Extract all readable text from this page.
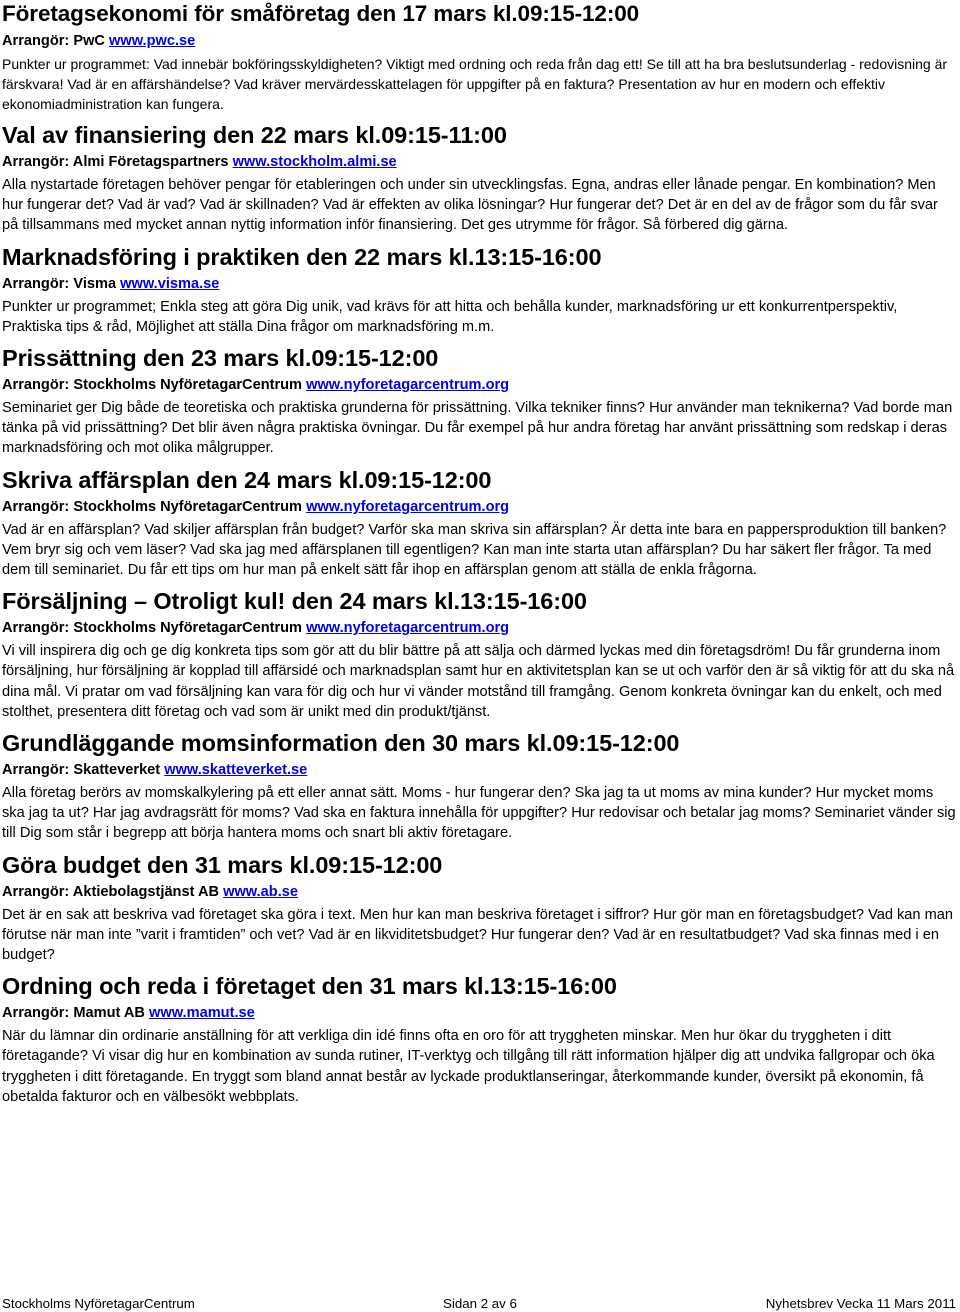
Företagsekonomi för småföretag den 17 mars kl.09:15-12:00
Arrangör: PwC www.pwc.se
Punkter ur programmet: Vad innebär bokföringsskyldigheten? Viktigt med ordning och reda från dag ett! Se till att ha bra beslutsunderlag - redovisning är färskvara! Vad är en affärshändelse? Vad kräver mervärdesskattelagen för uppgifter på en faktura? Presentation av hur en modern och effektiv ekonomiadministration kan fungera.
Val av finansiering den 22 mars kl.09:15-11:00
Arrangör: Almi Företagspartners www.stockholm.almi.se
Alla nystartade företagen behöver pengar för etableringen och under sin utvecklingsfas. Egna, andras eller lånade pengar. En kombination? Men hur fungerar det? Vad är vad? Vad är skillnaden? Vad är effekten av olika lösningar? Hur fungerar det? Det är en del av de frågor som du får svar på tillsammans med mycket annan nyttig information inför finansiering. Det ges utrymme för frågor. Så förbered dig gärna.
Marknadsföring i praktiken den 22 mars kl.13:15-16:00
Arrangör: Visma www.visma.se
Punkter ur programmet; Enkla steg att göra Dig unik, vad krävs för att hitta och behålla kunder, marknadsföring ur ett konkurrentperspektiv, Praktiska tips & råd, Möjlighet att ställa Dina frågor om marknadsföring m.m.
Prissättning den 23 mars kl.09:15-12:00
Arrangör: Stockholms NyföretagarCentrum www.nyforetagarcentrum.org
Seminariet ger Dig både de teoretiska och praktiska grunderna för prissättning. Vilka tekniker finns? Hur använder man teknikerna? Vad borde man tänka på vid prissättning? Det blir även några praktiska övningar. Du får exempel på hur andra företag har använt prissättning som redskap i deras marknadsföring och mot olika målgrupper.
Skriva affärsplan den 24 mars kl.09:15-12:00
Arrangör: Stockholms NyföretagarCentrum www.nyforetagarcentrum.org
Vad är en affärsplan? Vad skiljer affärsplan från budget? Varför ska man skriva sin affärsplan? Är detta inte bara en pappersproduktion till banken? Vem bryr sig och vem läser? Vad ska jag med affärsplanen till egentligen? Kan man inte starta utan affärsplan? Du har säkert fler frågor. Ta med dem till seminariet. Du får ett tips om hur man på enkelt sätt får ihop en affärsplan genom att ställa de enkla frågorna.
Försäljning – Otroligt kul! den 24 mars kl.13:15-16:00
Arrangör: Stockholms NyföretagarCentrum www.nyforetagarcentrum.org
Vi vill inspirera dig och ge dig konkreta tips som gör att du blir bättre på att sälja och därmed lyckas med din företagsdröm! Du får grunderna inom försäljning, hur försäljning är kopplad till affärsidé och marknadsplan samt hur en aktivitetsplan kan se ut och varför den är så viktig för att du ska nå dina mål. Vi pratar om vad försäljning kan vara för dig och hur vi vänder motstånd till framgång. Genom konkreta övningar kan du enkelt, och med stolthet, presentera ditt företag och vad som är unikt med din produkt/tjänst.
Grundläggande momsinformation den 30 mars kl.09:15-12:00
Arrangör: Skatteverket www.skatteverket.se
Alla företag berörs av momskalkylering på ett eller annat sätt. Moms - hur fungerar den? Ska jag ta ut moms av mina kunder? Hur mycket moms ska jag ta ut? Har jag avdragsrätt för moms? Vad ska en faktura innehålla för uppgifter? Hur redovisar och betalar jag moms? Seminariet vänder sig till Dig som står i begrepp att börja hantera moms och snart bli aktiv företagare.
Göra budget den 31 mars kl.09:15-12:00
Arrangör: Aktiebolagstjänst AB www.ab.se
Det är en sak att beskriva vad företaget ska göra i text. Men hur kan man beskriva företaget i siffror? Hur gör man en företagsbudget? Vad kan man förutse när man inte ”varit i framtiden” och vet? Vad är en likviditetsbudget? Hur fungerar den? Vad är en resultatbudget? Vad ska finnas med i en budget?
Ordning och reda i företaget den 31 mars kl.13:15-16:00
Arrangör: Mamut AB www.mamut.se
När du lämnar din ordinarie anställning för att verkliga din idé finns ofta en oro för att tryggheten minskar. Men hur ökar du tryggheten i ditt företagande? Vi visar dig hur en kombination av sunda rutiner, IT-verktyg och tillgång till rätt information hjälper dig att undvika fallgropar och öka tryggheten i ditt företagande. En tryggt som bland annat består av lyckade produktlanseringar, återkommande kunder, översikt på ekonomin, få obetalda fakturor och en välbesökt webbplats.
Stockholms NyföretagarCentrum	Sidan 2 av 6	Nyhetsbrev Vecka 11 Mars 2011
